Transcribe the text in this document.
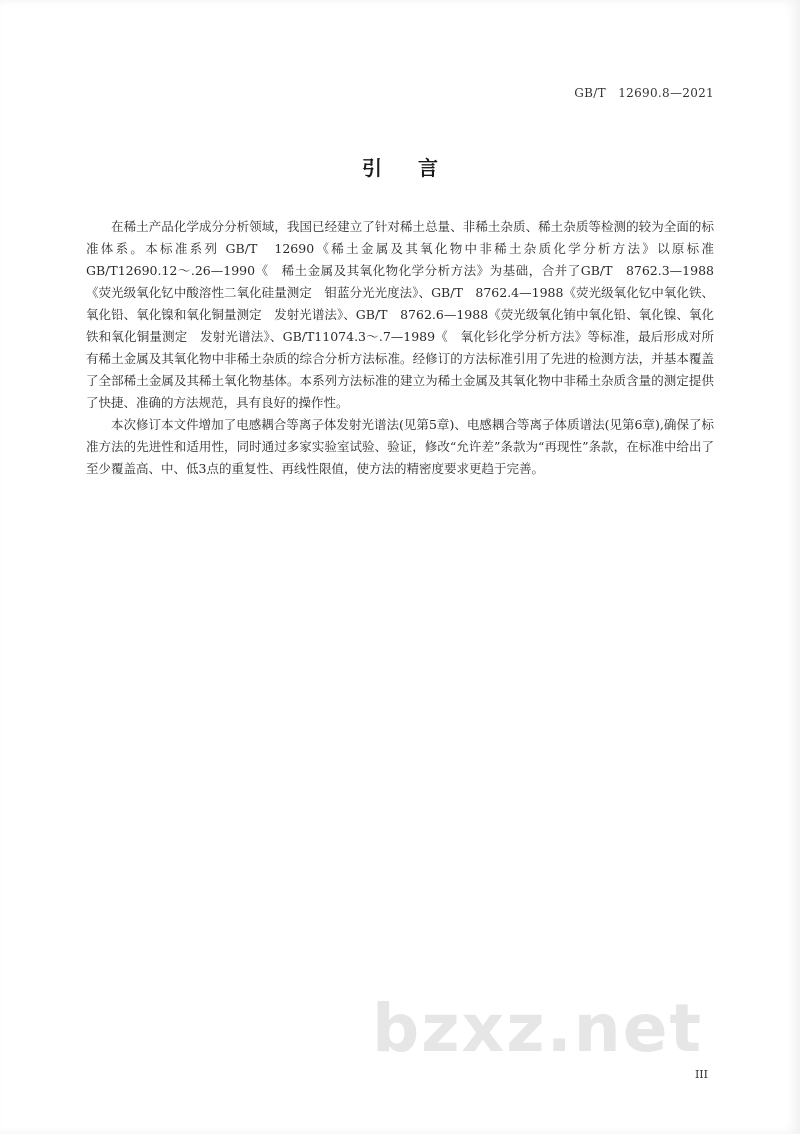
GB/T　12690.8—2021
引言

在稀土产品化学成分分析领域，我国已经建立了针对稀土总量、非稀土杂质、稀土杂质等检测的较为全面的标准体系。本标准系列 GB/T　12690《稀土金属及其氧化物中非稀土杂质化学分析方法》以原标准 GB/T12690.12～.26—1990《　稀土金属及其氧化物化学分析方法》为基础，合并了GB/T　8762.3—1988《荧光级氧化钇中酸溶性二氧化硅量测定　钼蓝分光光度法》、GB/T　8762.4—1988《荧光级氧化钇中氧化铁、氧化铅、氧化镍和氧化铜量测定　发射光谱法》、GB/T　8762.6—1988《荧光级氧化铕中氧化铅、氧化镍、氧化铁和氧化铜量测定　发射光谱法》、GB/T11074.3～.7—1989《　氧化钐化学分析方法》等标准，最后形成对所有稀土金属及其氧化物中非稀土杂质的综合分析方法标准。经修订的方法标准引用了先进的检测方法，并基本覆盖了全部稀土金属及其稀土氧化物基体。本系列方法标准的建立为稀土金属及其氧化物中非稀土杂质含量的测定提供了快捷、准确的方法规范，具有良好的操作性。

本次修订本文件增加了电感耦合等离子体发射光谱法(见第5章)、电感耦合等离子体质谱法(见第6章),确保了标准方法的先进性和适用性，同时通过多家实验室试验、验证，修改“允许差”条款为“再现性”条款，在标准中给出了至少覆盖高、中、低3点的重复性、再线性限值，使方法的精密度要求更趋于完善。

bzxz.net
III
